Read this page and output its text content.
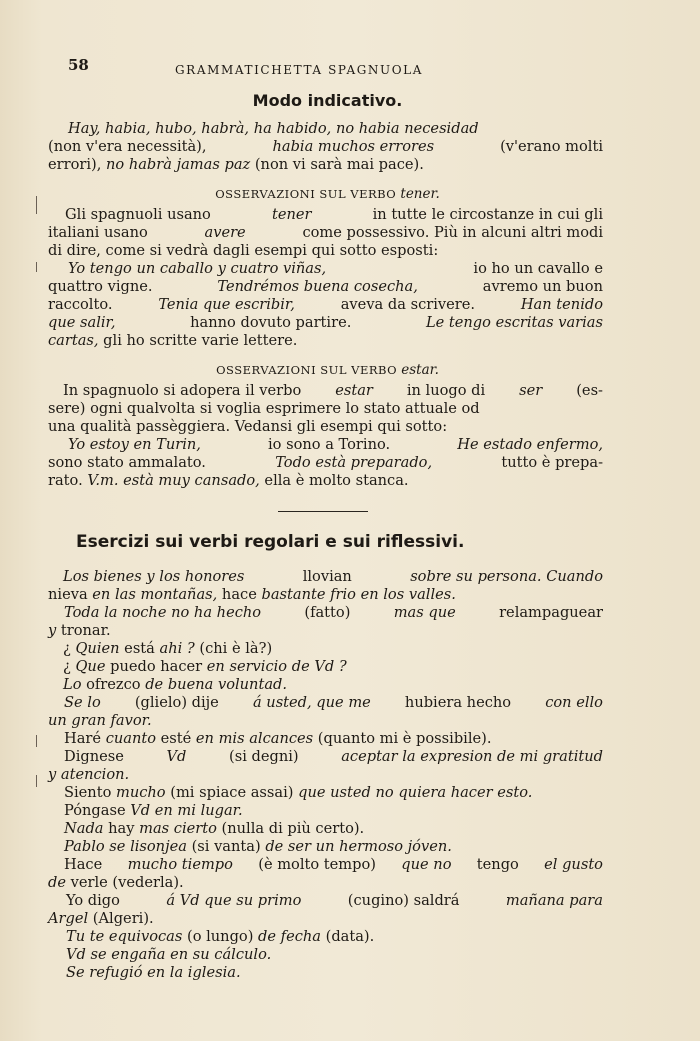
58	GRAMMATICHETTA SPAGNUOLA
Modo indicativo.
Hay, habia, hubo, habrà, ha habido, no habia necesidad
(non v'era necessità),	habia muchos errores	(v'erano molti
errori), no habrà jamas paz (non vi sarà mai pace).
OSSERVAZIONI SUL VERBO tener.
Gli spagnuoli usano	tener	in tutte le circostanze in cui gli
italiani usano	avere	come possessivo. Più in alcuni altri modi
di dire, come si vedrà dagli esempi qui sotto esposti:
Yo tengo un caballo y cuatro viñas,	io ho un cavallo e
quattro vigne.	Tendrémos buena cosecha,	avremo un buon
raccolto.	Tenia que escribir,	aveva da scrivere.	Han tenido
que salir,	hanno dovuto partire.	Le tengo escritas varias
cartas, gli ho scritte varie lettere.
OSSERVAZIONI SUL VERBO estar.
In spagnuolo si adopera il verbo estar in luogo di ser (es-
sere) ogni qualvolta si voglia esprimere lo stato attuale od
una qualità passèggiera. Vedansi gli esempi qui sotto:
Yo estoy en Turin,	io sono a Torino.	He estado enfermo,
sono stato ammalato.	Todo està preparado,	tutto è prepa-
rato. V.m. està muy cansado, ella è molto stanca.
Esercizi sui verbi regolari e sui riflessivi.
Los bienes y los honores	llovian	sobre su persona. Cuando
nieva en las montañas, hace bastante frio en los valles.
Toda la noche no ha hecho	(fatto)	mas que	relampaguear
y tronar.
¿ Quien está ahi ? (chi è là?)
¿ Que puedo hacer en servicio de Vd ?
Lo ofrezco de buena voluntad.
Se lo (glielo) dije á usted, que me hubiera hecho con ello
un gran favor.
Haré cuanto esté en mis alcances (quanto mi è possibile).
Dignese	Vd	(si degni)	aceptar la expresion de mi gratitud
y atencion.
Siento mucho (mi spiace assai) que usted no quiera hacer esto.
Póngase Vd en mi lugar.
Nada hay mas cierto (nulla di più certo).
Pablo se lisonjea (si vanta) de ser un hermoso jóven.
Hace mucho tiempo (è molto tempo) que no tengo el gusto
de verle (vederla).
Yo digo	á Vd que su primo	(cugino) saldrá	mañana para
Argel (Algeri).
Tu te equivocas (o lungo) de fecha (data).
Vd se engaña en su cálculo.
Se refugió en la iglesia.
